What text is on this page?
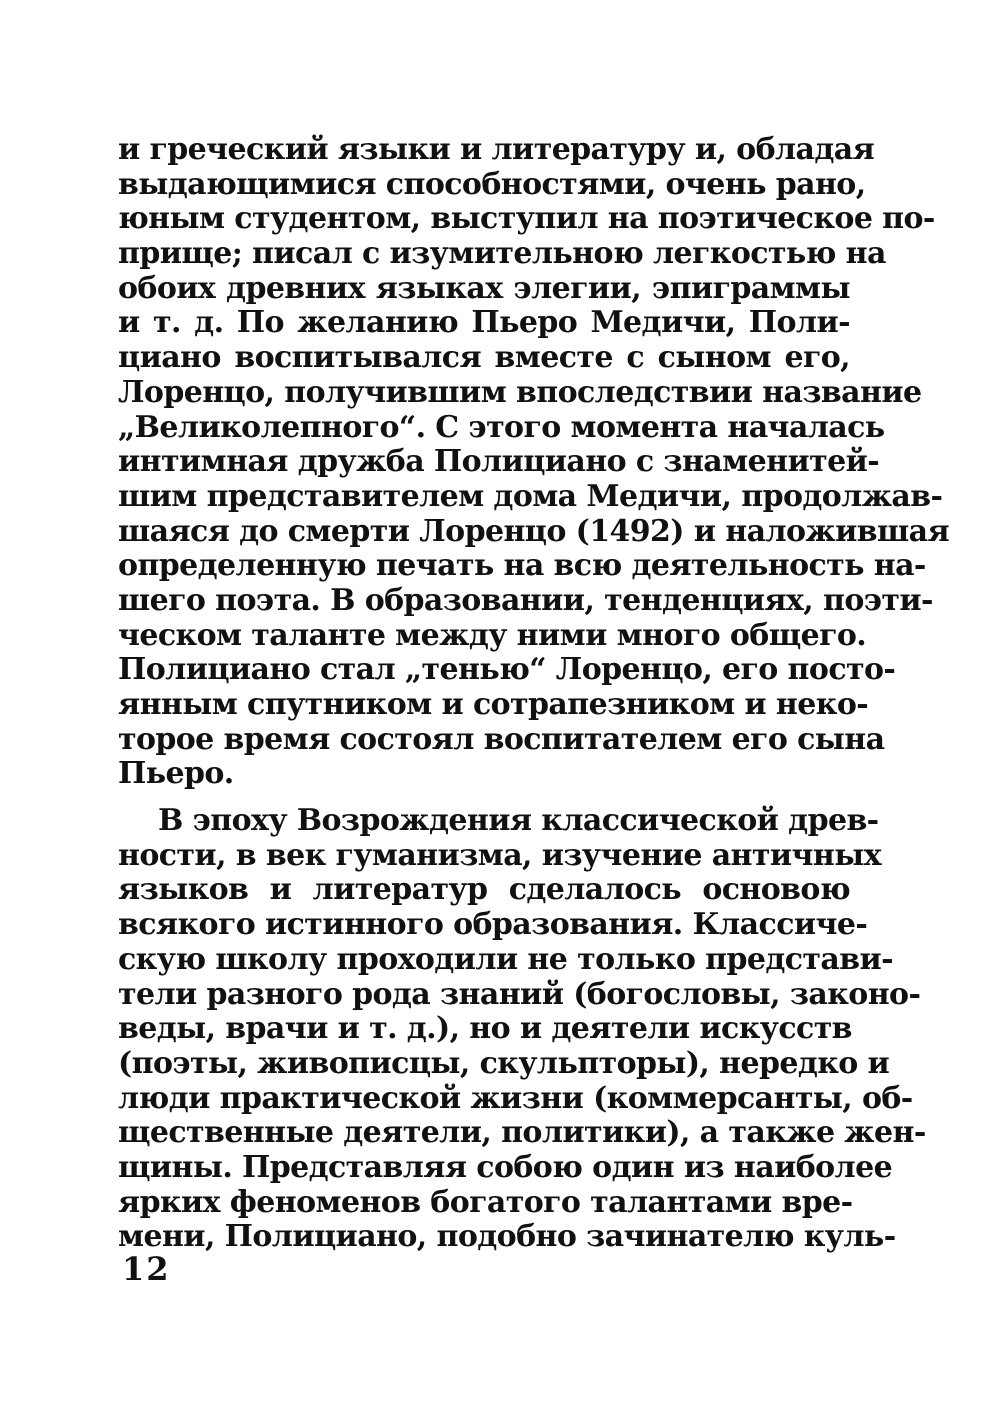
и греческий языки и литературу и, обладая
выдающимися способностями, очень рано,
юным студентом, выступил на поэтическое по-
прище; писал с изумительною легкостью на
обоих древних языках элегии, эпиграммы
и т. д. По желанию Пьеро Медичи, Поли-
циано воспитывался вместе с сыном его,
Лоренцо, получившим впоследствии название
„Великолепного“. С этого момента началась
интимная дружба Полициано с знаменитей-
шим представителем дома Медичи, продолжав-
шаяся до смерти Лоренцо (1492) и наложившая
определенную печать на всю деятельность на-
шего поэта. В образовании, тенденциях, поэти-
ческом таланте между ними много общего.
Полициано стал „тенью“ Лоренцо, его посто-
янным спутником и сотрапезником и неко-
торое время состоял воспитателем его сына
Пьеро.
В эпоху Возрождения классической древ-
ности, в век гуманизма, изучение античных
языков и литератур сделалось основою
всякого истинного образования. Классиче-
скую школу проходили не только представи-
тели разного рода знаний (богословы, законо-
веды, врачи и т. д.), но и деятели искусств
(поэты, живописцы, скульпторы), нередко и
люди практической жизни (коммерсанты, об-
щественные деятели, политики), а также жен-
щины. Представляя собою один из наиболее
ярких феноменов богатого талантами вре-
мени, Полициано, подобно зачинателю куль-
12
